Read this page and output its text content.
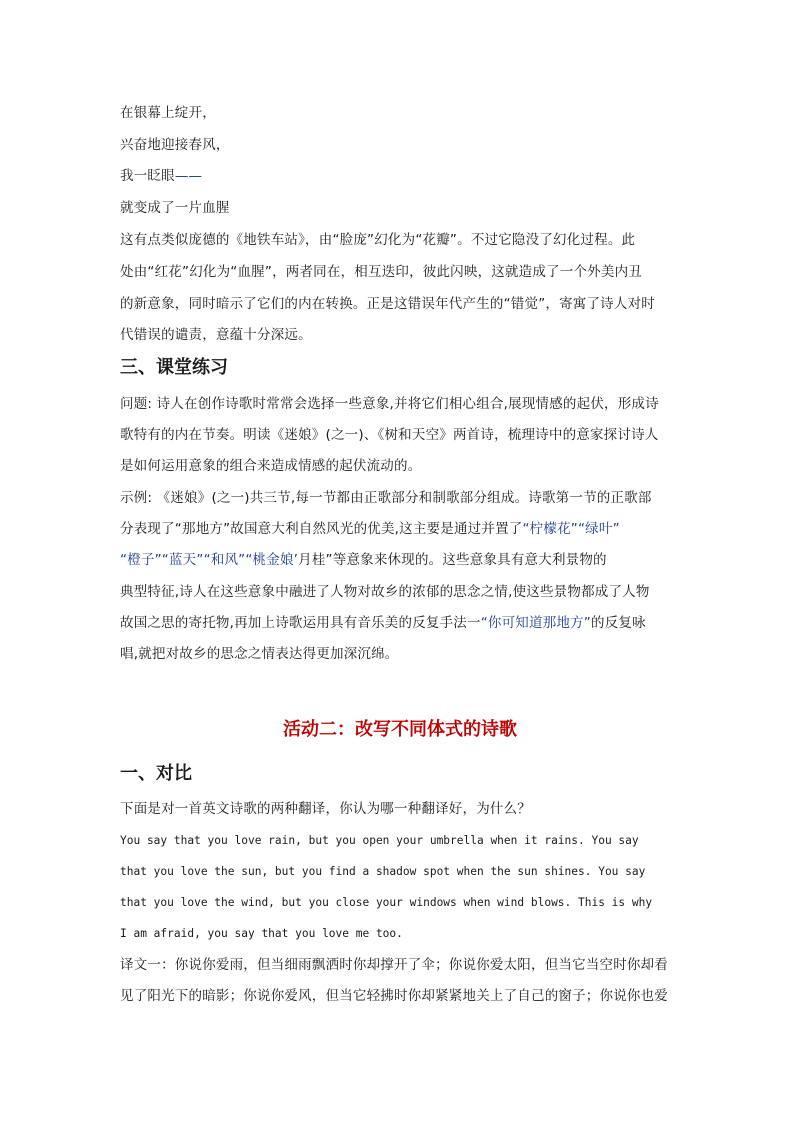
在银幕上绽开，
兴奋地迎接春风，
我一眨眼——
就变成了一片血腥
这有点类似庞德的《地铁车站》，由“脸庞”幻化为“花瓣”。不过它隐没了幻化过程。此
处由“红花”幻化为“血腥”，两者同在，相互迭印，彼此闪映，这就造成了一个外美内丑
的新意象，同时暗示了它们的内在转换。正是这错误年代产生的“错觉”，寄寓了诗人对时
代错误的谴责，意蕴十分深远。
三、课堂练习
问题: 诗人在创作诗歌时常常会选择一些意象,并将它们相心组合,展现情感的起伏，形成诗
歌特有的内在节奏。明读《迷娘》(之一)、《树和天空》两首诗，梳理诗中的意家探讨诗人
是如何运用意象的组合来造成情感的起伏流动的。
示例: 《迷娘》(之一)共三节,每一节都由正歌部分和制歌部分组成。诗歌第一节的正歌部
分表现了“那地方”故国意大利自然风光的优美,这主要是通过并置了“柠檬花”“绿叶”
“橙子”“蓝天”“和风”“桃金娘’月桂”等意象来休现的。这些意象具有意大利景物的
典型特征,诗人在这些意象中融进了人物对故乡的浓郁的思念之情,使这些景物都成了人物
故国之思的寄托物,再加上诗歌运用具有音乐美的反复手法一“你可知道那地方”的反复咏
唱,就把对故乡的思念之情表达得更加深沉绵。
活动二：改写不同体式的诗歌
一、对比
下面是对一首英文诗歌的两种翻译，你认为哪一种翻译好，为什么？
You say that you love rain, but you open your umbrella when it rains. You say
that you love the sun, but you find a shadow spot when the sun shines. You say
that you love the wind, but you close your windows when wind blows. This is why
I am afraid, you say that you love me too.
译文一：你说你爱雨，但当细雨飘洒时你却撑开了伞；你说你爱太阳，但当它当空时你却看
见了阳光下的暗影；你说你爱风，但当它轻拂时你却紧紧地关上了自己的窗子；你说你也爱
